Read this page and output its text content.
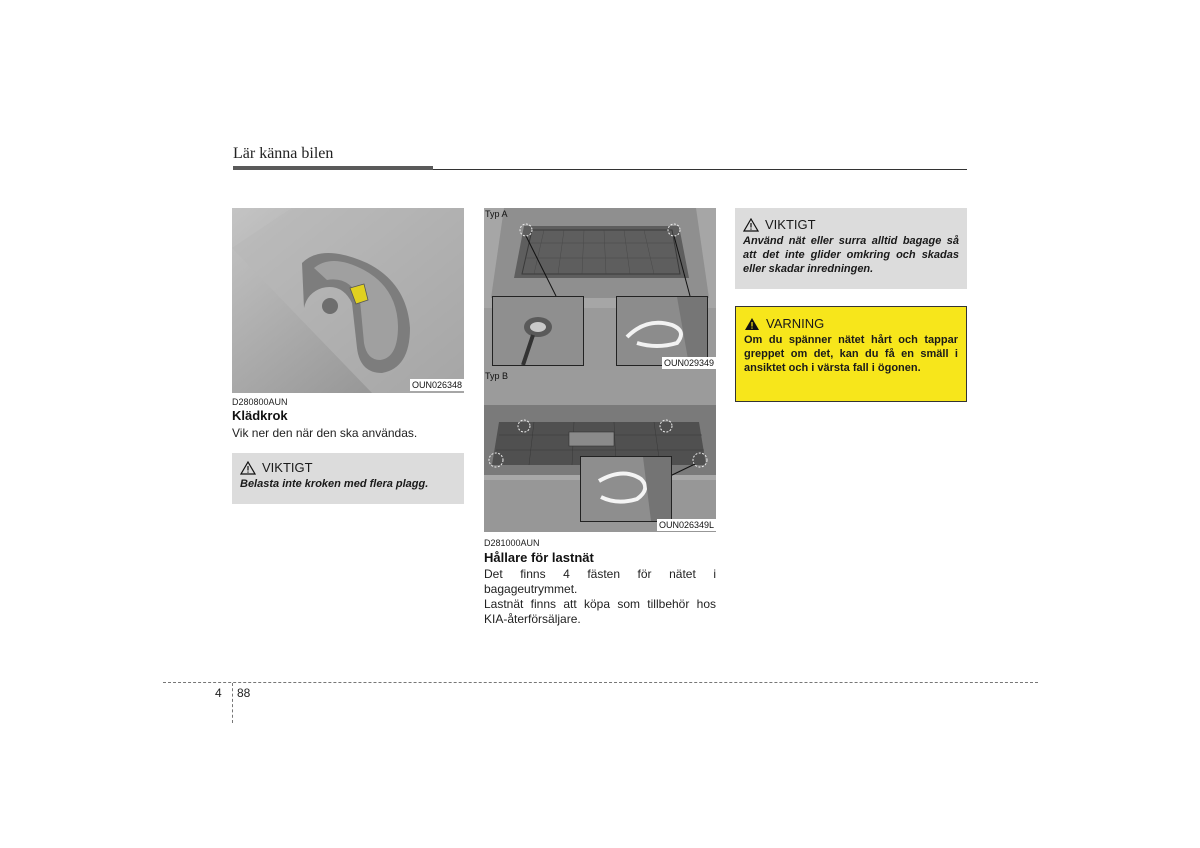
Lär känna bilen
OUN026348
D280800AUN
Klädkrok
Vik ner den när den ska användas.
VIKTIGT
Belasta inte kroken med flera plagg.
Typ A
OUN029349
Typ B
OUN026349L
D281000AUN
Hållare för lastnät
Det finns 4 fästen för nätet i bagageutrymmet.
Lastnät finns att köpa som tillbehör hos KIA-återförsäljare.
VIKTIGT
Använd nät eller surra alltid bagage så att det inte glider omkring och skadas eller skadar inredningen.
VARNING
Om du spänner nätet hårt och tappar greppet om det, kan du få en smäll i ansiktet och i värsta fall i ögonen.
4 88
